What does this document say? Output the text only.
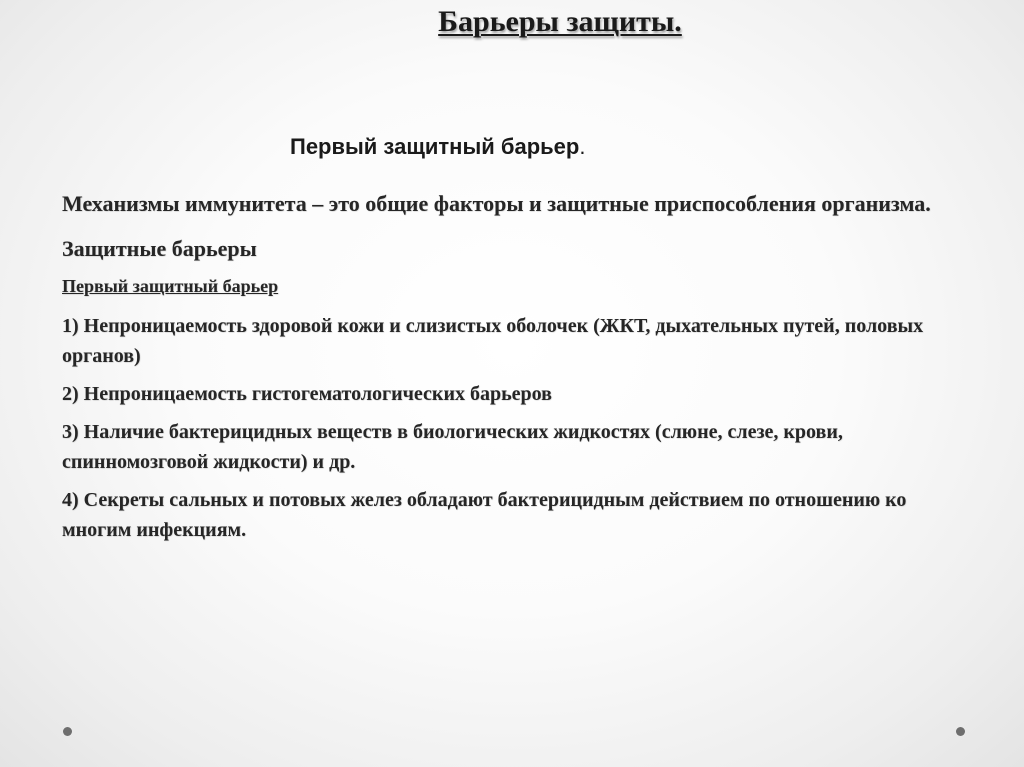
Барьеры защиты.
Первый защитный барьер.

Механизмы иммунитета – это общие факторы и защитные приспособления организма.

Защитные барьеры

Первый защитный барьер

1) Непроницаемость здоровой кожи и слизистых оболочек (ЖКТ, дыхательных путей, половых органов)

2) Непроницаемость гистогематологических барьеров

3) Наличие бактерицидных веществ в биологических жидкостях (слюне, слезе, крови, спинномозговой жидкости) и др.

4) Секреты сальных и потовых желез обладают бактерицидным действием по отношению ко многим инфекциям.
